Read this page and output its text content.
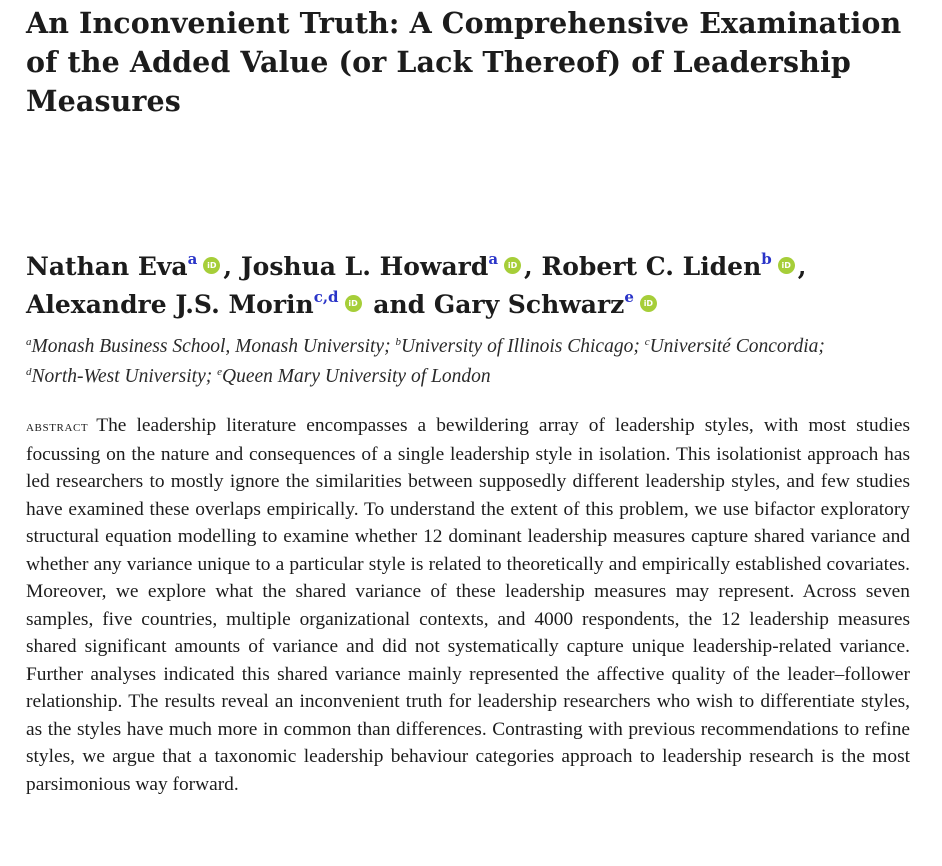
An Inconvenient Truth: A Comprehensive Examination of the Added Value (or Lack Thereof) of Leadership Measures
Nathan Eva$^a$	iD , Joshua L. Howard$^a$	iD , Robert C. Liden$^b$	iD ,
Alexandre J.S. Morin$^{c,d}$	iD and Gary Schwarz$^e$	iD

$^a$Monash Business School, Monash University; $^b$University of Illinois Chicago; $^c$Université Concordia;
$^d$North-West University; $^e$Queen Mary University of London

abstract The leadership literature encompasses a bewildering array of leadership styles, with most studies focussing on the nature and consequences of a single leadership style in isolation. This isolationist approach has led researchers to mostly ignore the similarities between supposedly different leadership styles, and few studies have examined these overlaps empirically. To understand the extent of this problem, we use bifactor exploratory structural equation modelling to examine whether 12 dominant leadership measures capture shared variance and whether any variance unique to a particular style is related to theoretically and empirically established covariates. Moreover, we explore what the shared variance of these leadership measures may represent. Across seven samples, five countries, multiple organizational contexts, and 4000 respondents, the 12 leadership measures shared significant amounts of variance and did not systematically capture unique leadership-related variance. Further analyses indicated this shared variance mainly represented the affective quality of the leader–follower relationship. The results reveal an inconvenient truth for leadership researchers who wish to differentiate styles, as the styles have much more in common than differences. Contrasting with previous recommendations to refine styles, we argue that a taxonomic leadership behaviour categories approach to leadership research is the most parsimonious way forward.
